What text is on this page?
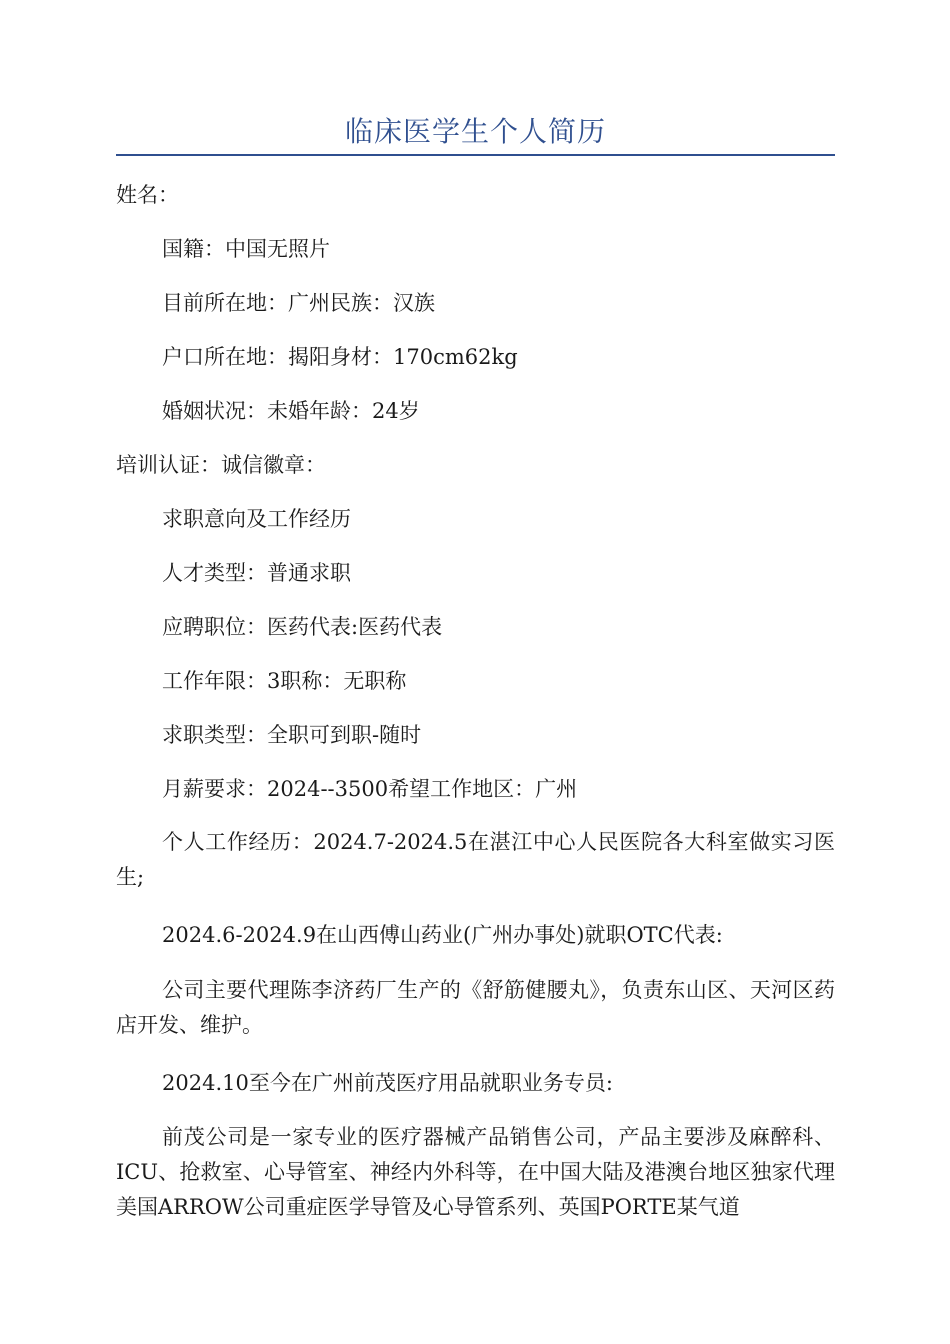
临床医学生个人简历
姓名：
国籍：中国无照片
目前所在地：广州民族：汉族
户口所在地：揭阳身材：170cm62kg
婚姻状况：未婚年龄：24岁
培训认证：诚信徽章：
求职意向及工作经历
人才类型：普通求职
应聘职位：医药代表:医药代表
工作年限：3职称：无职称
求职类型：全职可到职-随时
月薪要求：2024--3500希望工作地区：广州
个人工作经历：2024.7-2024.5在湛江中心人民医院各大科室做实习医生;
2024.6-2024.9在山西傅山药业(广州办事处)就职OTC代表:
公司主要代理陈李济药厂生产的《舒筋健腰丸》，负责东山区、天河区药店开发、维护。
2024.10至今在广州前茂医疗用品就职业务专员:
前茂公司是一家专业的医疗器械产品销售公司，产品主要涉及麻醉科、ICU、抢救室、心导管室、神经内外科等，在中国大陆及港澳台地区独家代理美国ARROW公司重症医学导管及心导管系列、英国PORTE某气道
